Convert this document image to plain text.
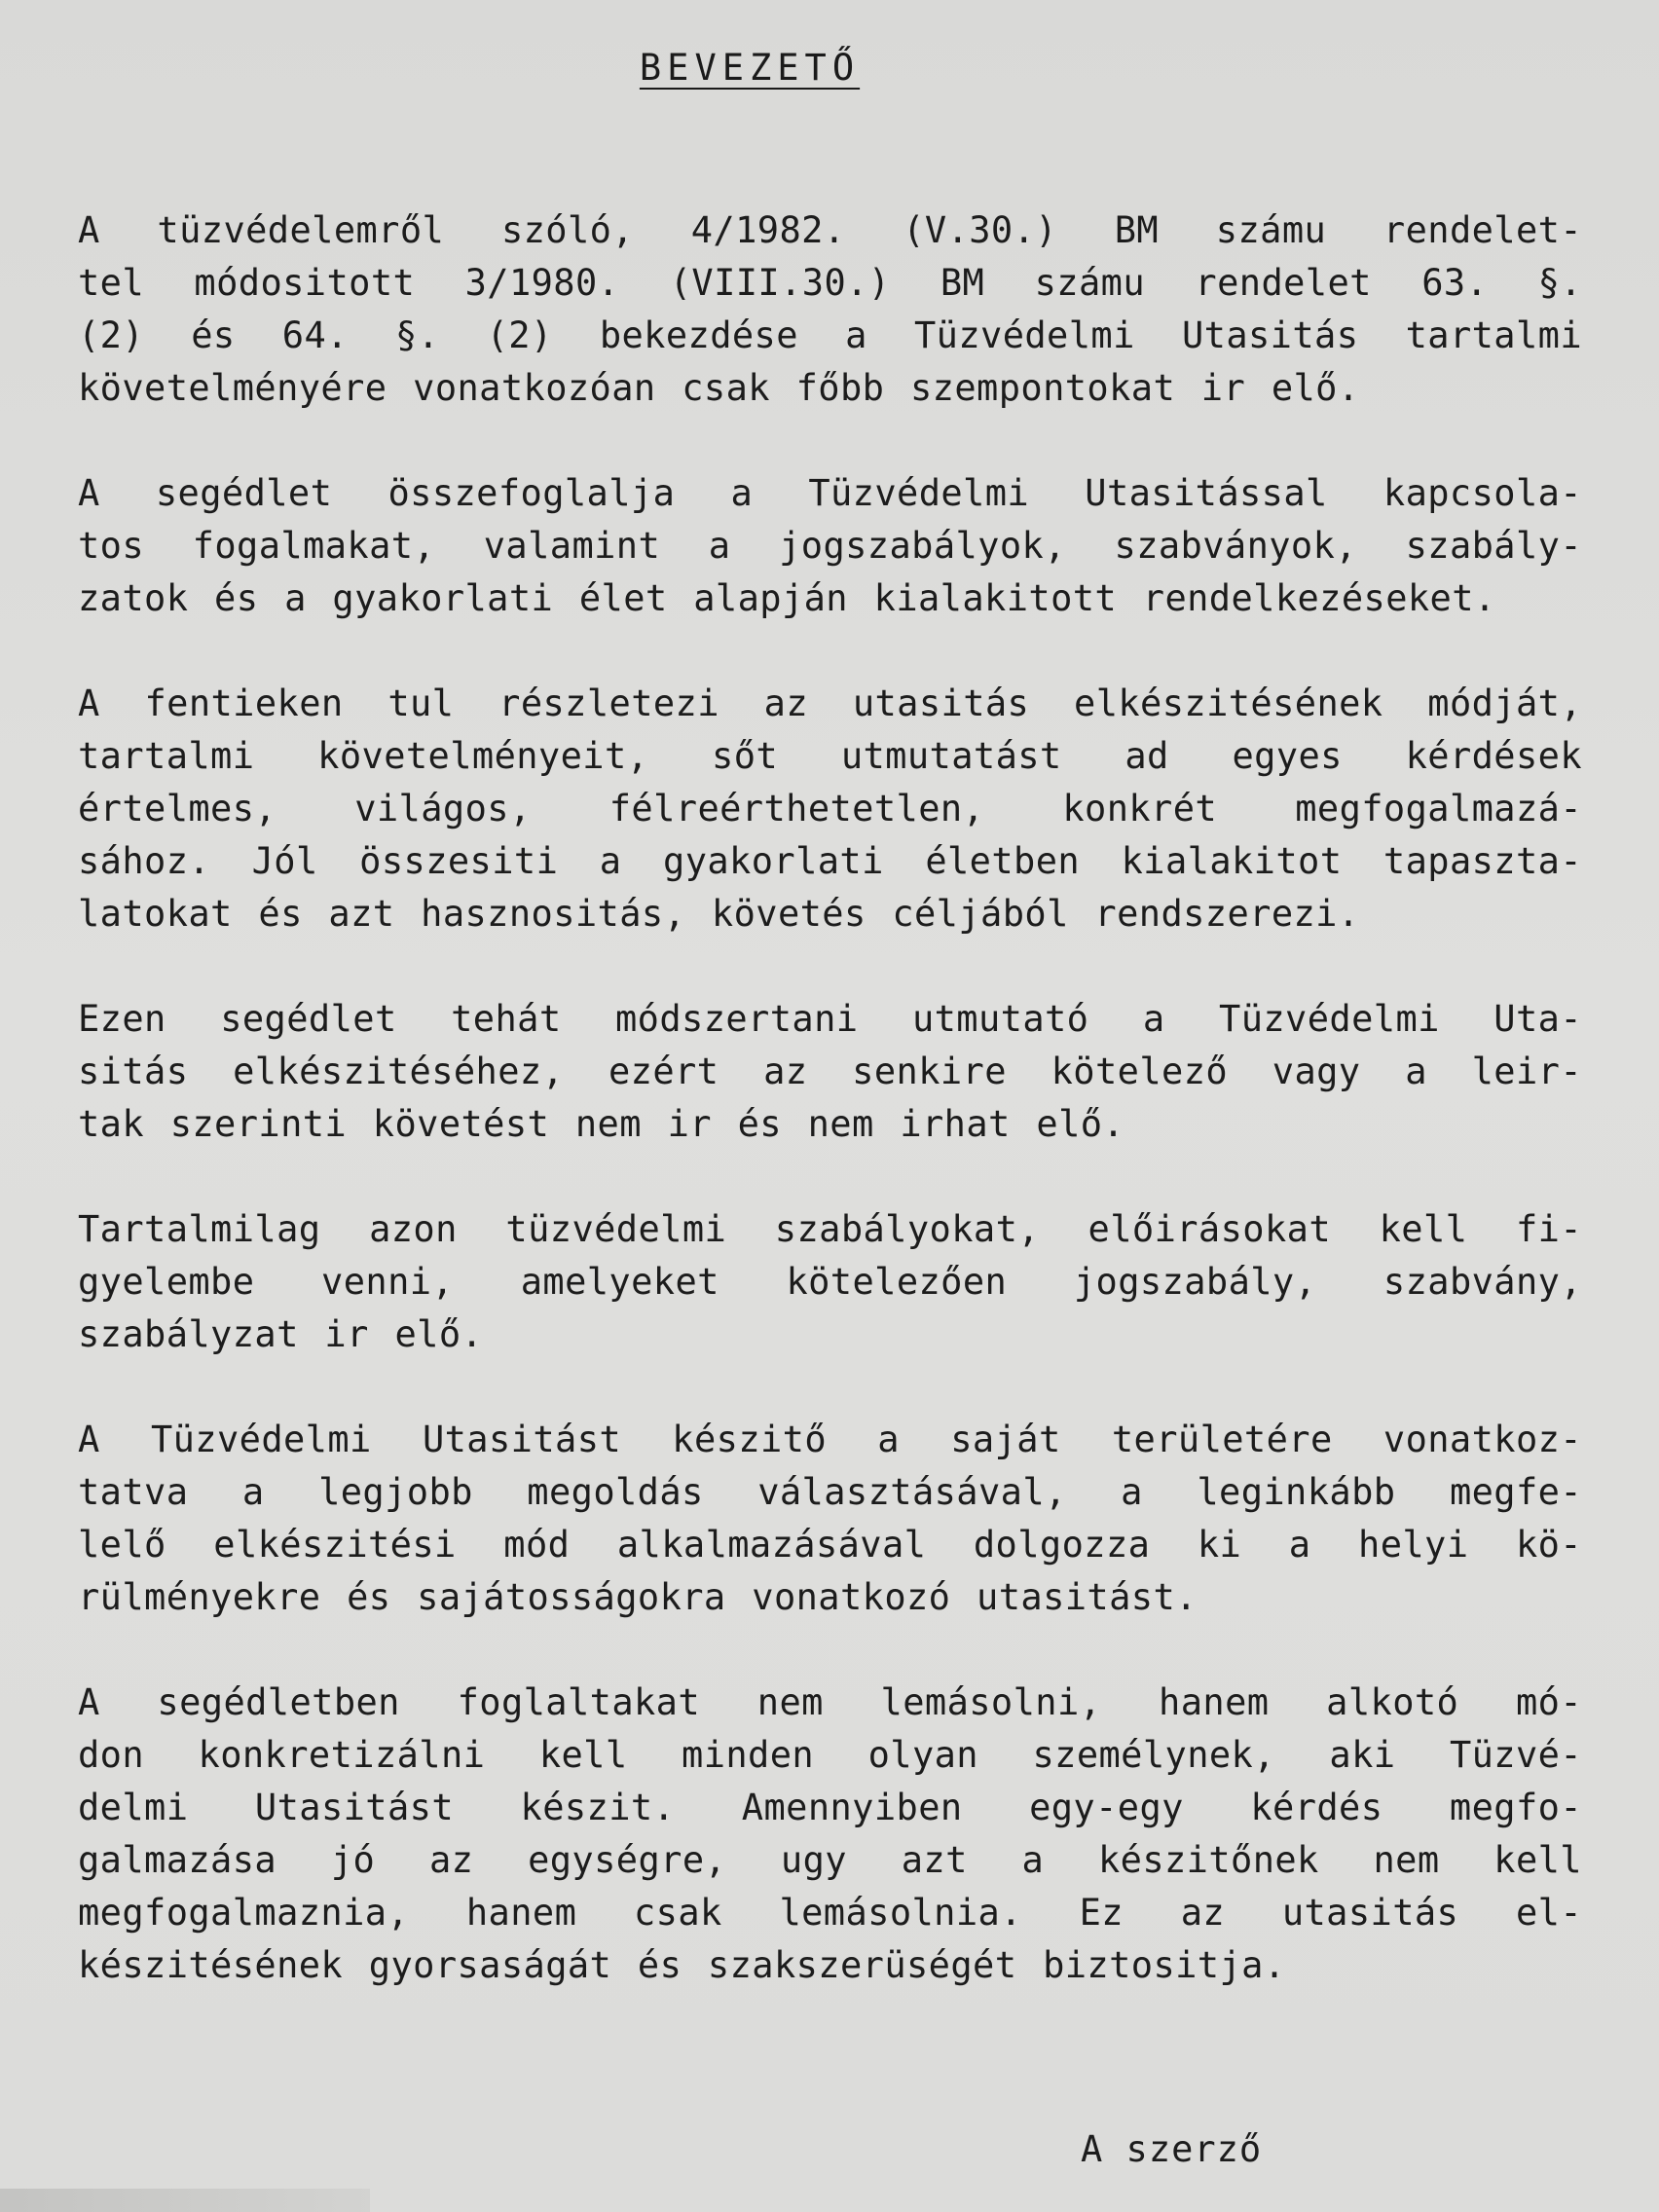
BEVEZETŐ

A tüzvédelemről szóló, 4/1982. (V.30.) BM számu rendelet-
tel módositott 3/1980. (VIII.30.) BM számu rendelet 63. §.
(2) és 64. §. (2) bekezdése a Tüzvédelmi Utasitás tartalmi
követelményére vonatkozóan csak főbb szempontokat ir elő.

A segédlet összefoglalja a Tüzvédelmi Utasitással kapcsola-
tos fogalmakat, valamint a jogszabályok, szabványok, szabály-
zatok és a gyakorlati élet alapján kialakitott rendelkezéseket.

A fentieken tul részletezi az utasitás elkészitésének módját,
tartalmi követelményeit, sőt utmutatást ad egyes kérdések
értelmes, világos, félreérthetetlen, konkrét megfogalmazá-
sához. Jól összesiti a gyakorlati életben kialakitot tapaszta-
latokat és azt hasznositás, követés céljából rendszerezi.

Ezen segédlet tehát módszertani utmutató a Tüzvédelmi Uta-
sitás elkészitéséhez, ezért az senkire kötelező vagy a leir-
tak szerinti követést nem ir és nem irhat elő.

Tartalmilag azon tüzvédelmi szabályokat, előirásokat kell fi-
gyelembe venni, amelyeket kötelezően jogszabály, szabvány,
szabályzat ir elő.

A Tüzvédelmi Utasitást készitő a saját területére vonatkoz-
tatva a legjobb megoldás választásával, a leginkább megfe-
lelő elkészitési mód alkalmazásával dolgozza ki a helyi kö-
rülményekre és sajátosságokra vonatkozó utasitást.

A segédletben foglaltakat nem lemásolni, hanem alkotó mó-
don konkretizálni kell minden olyan személynek, aki Tüzvé-
delmi Utasitást készit. Amennyiben egy-egy kérdés megfo-
galmazása jó az egységre, ugy azt a készitőnek nem kell
megfogalmaznia, hanem csak lemásolnia. Ez az utasitás el-
készitésének gyorsaságát és szakszerüségét biztositja.

A szerző
